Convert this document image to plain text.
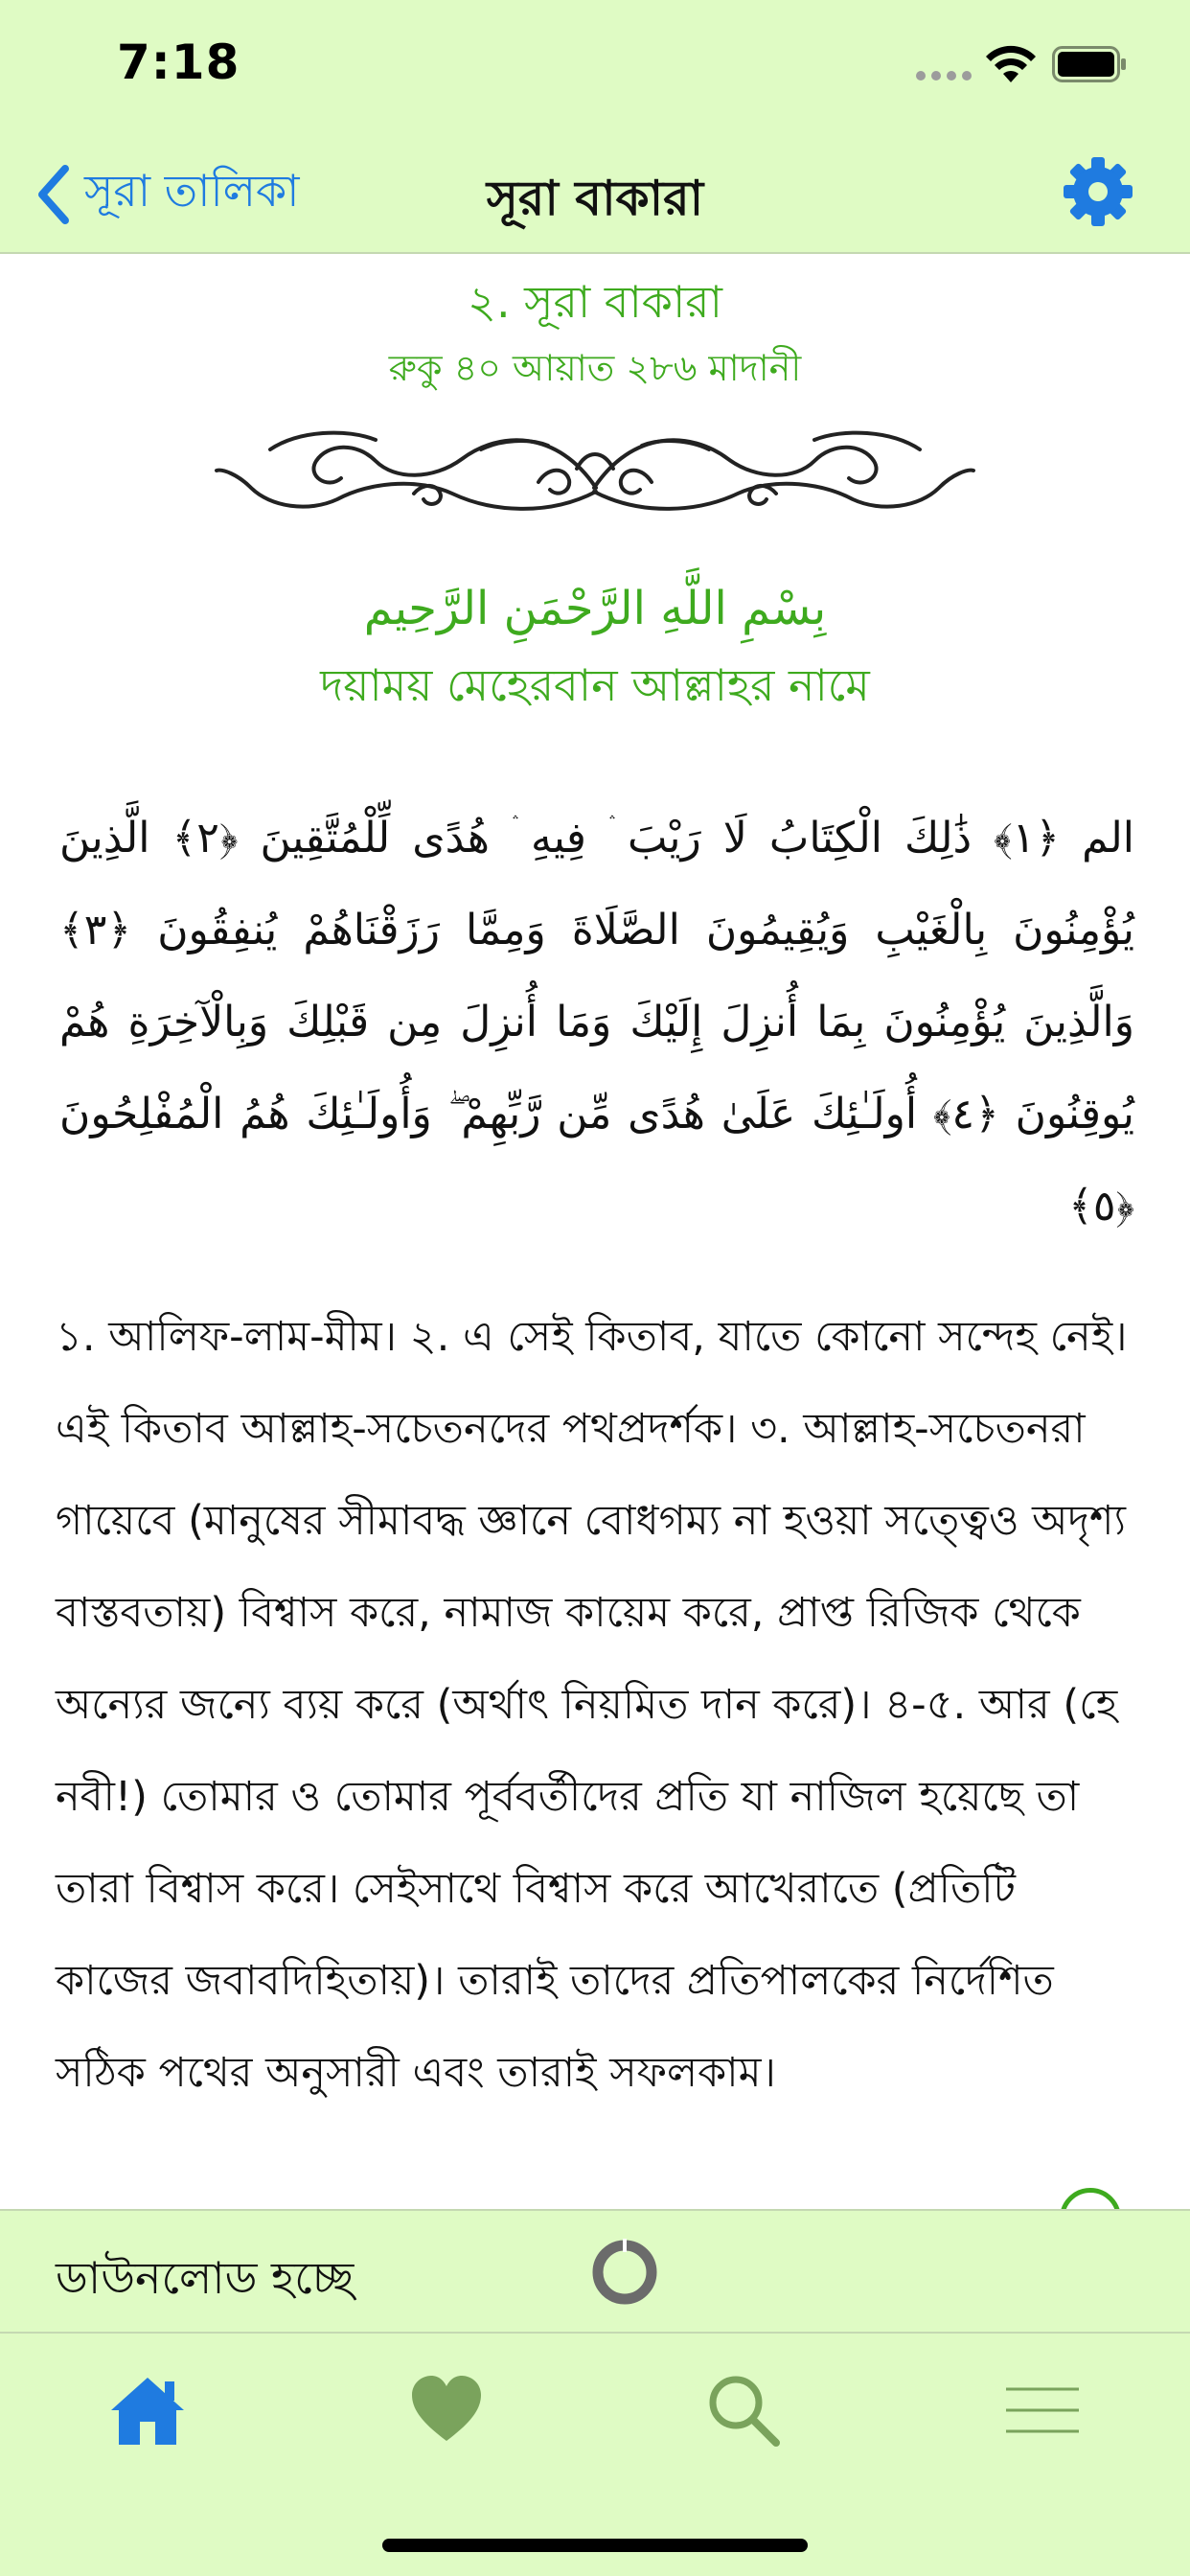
7:18
সূরা তালিকা	সূরা বাকারা
২. সূরা বাকারা
রুকু ৪০ আয়াত ২৮৬ মাদানী
بِسْمِ اللَّهِ الرَّحْمَنِ الرَّحِيم
দয়াময় মেহেরবান আল্লাহর নামে
الم ﴿١﴾ ذَٰلِكَ الْكِتَابُ لَا رَيْبَ ۛ فِيهِ ۛ هُدًى لِّلْمُتَّقِينَ ﴿٢﴾ الَّذِينَ يُؤْمِنُونَ بِالْغَيْبِ وَيُقِيمُونَ الصَّلَاةَ وَمِمَّا رَزَقْنَاهُمْ يُنفِقُونَ ﴿٣﴾ وَالَّذِينَ يُؤْمِنُونَ بِمَا أُنزِلَ إِلَيْكَ وَمَا أُنزِلَ مِن قَبْلِكَ وَبِالْآخِرَةِ هُمْ يُوقِنُونَ ﴿٤﴾ أُولَـٰئِكَ عَلَىٰ هُدًى مِّن رَّبِّهِمْ ۖ وَأُولَـٰئِكَ هُمُ الْمُفْلِحُونَ ﴿٥﴾
১. আলিফ-লাম-মীম। ২. এ সেই কিতাব, যাতে কোনো সন্দেহ নেই। এই কিতাব আল্লাহ-সচেতনদের পথপ্রদর্শক। ৩. আল্লাহ-সচেতনরা গায়েবে (মানুষের সীমাবদ্ধ জ্ঞানে বোধগম্য না হওয়া সত্ত্বেও অদৃশ্য বাস্তবতায়) বিশ্বাস করে, নামাজ কায়েম করে, প্রাপ্ত রিজিক থেকে অন্যের জন্যে ব্যয় করে (অর্থাৎ নিয়মিত দান করে)। ৪-৫. আর (হে নবী!) তোমার ও তোমার পূর্ববর্তীদের প্রতি যা নাজিল হয়েছে তা তারা বিশ্বাস করে। সেইসাথে বিশ্বাস করে আখেরাতে (প্রতিটি কাজের জবাবদিহিতায়)। তারাই তাদের প্রতিপালকের নির্দেশিত সঠিক পথের অনুসারী এবং তারাই সফলকাম।
ডাউনলোড হচ্ছে
